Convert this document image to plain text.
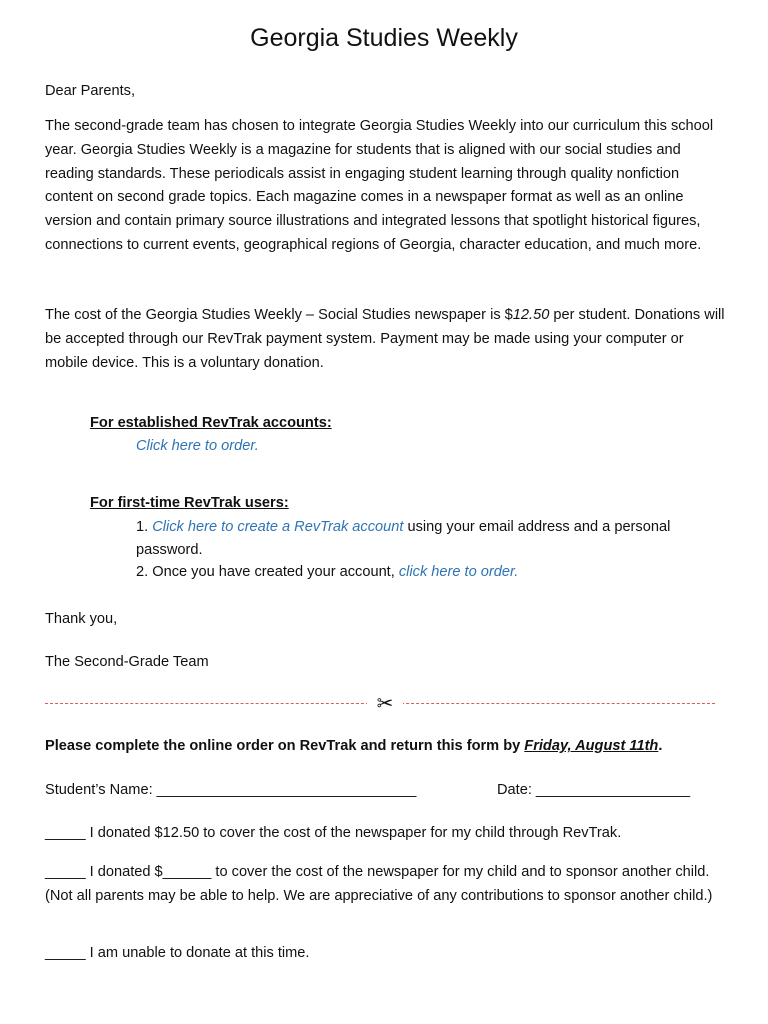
Georgia Studies Weekly
Dear Parents,
The second-grade team has chosen to integrate Georgia Studies Weekly into our curriculum this school year. Georgia Studies Weekly is a magazine for students that is aligned with our social studies and reading standards. These periodicals assist in engaging student learning through quality nonfiction content on second grade topics. Each magazine comes in a newspaper format as well as an online version and contain primary source illustrations and integrated lessons that spotlight historical figures, connections to current events, geographical regions of Georgia, character education, and much more.
The cost of the Georgia Studies Weekly – Social Studies newspaper is $12.50 per student. Donations will be accepted through our RevTrak payment system. Payment may be made using your computer or mobile device. This is a voluntary donation.
For established RevTrak accounts:
Click here to order.
For first-time RevTrak users:
1. Click here to create a RevTrak account using your email address and a personal password.
2. Once you have created your account, click here to order.
Thank you,
The Second-Grade Team
✂
Please complete the online order on RevTrak and return this form by Friday, August 11th.
Student’s Name: ________________________________	Date: ___________________
_____ I donated $12.50 to cover the cost of the newspaper for my child through RevTrak.
_____ I donated $______ to cover the cost of the newspaper for my child and to sponsor another child. (Not all parents may be able to help. We are appreciative of any contributions to sponsor another child.)
_____ I am unable to donate at this time.
